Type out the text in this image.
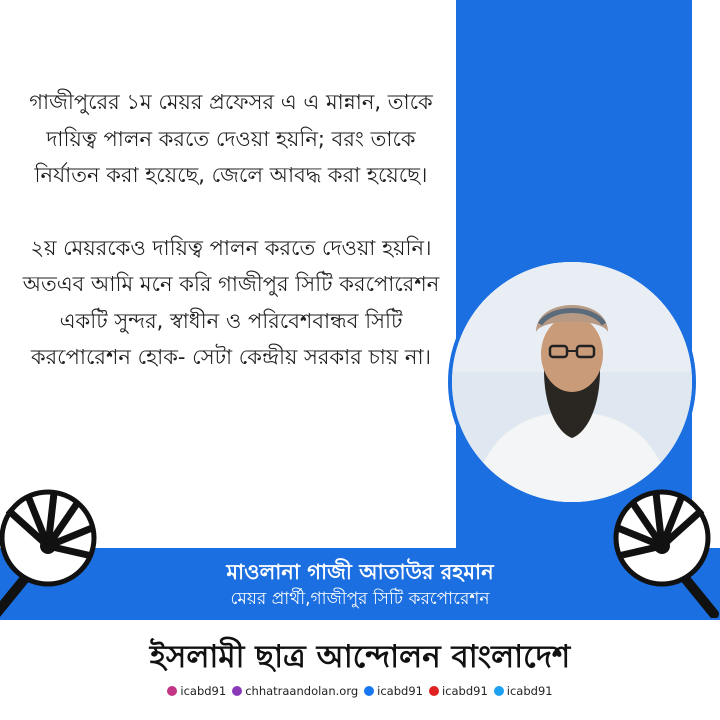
গাজীপুরের ১ম মেয়র প্রফেসর এ এ মান্নান, তাকে দায়িত্ব পালন করতে দেওয়া হয়নি; বরং তাকে নির্যাতন করা হয়েছে, জেলে আবদ্ধ করা হয়েছে।

২য় মেয়রকেও দায়িত্ব পালন করতে দেওয়া হয়নি। অতএব আমি মনে করি গাজীপুর সিটি করপোরেশন একটি সুন্দর, স্বাধীন ও পরিবেশবান্ধব সিটি করপোরেশন হোক- সেটা কেন্দ্রীয় সরকার চায় না।

মাওলানা গাজী আতাউর রহমান
মেয়র প্রার্থী,গাজীপুর সিটি করপোরেশন
ইসলামী ছাত্র আন্দোলন বাংলাদেশ
icabd91 chhatraandolan.org icabd91 icabd91 icabd91
